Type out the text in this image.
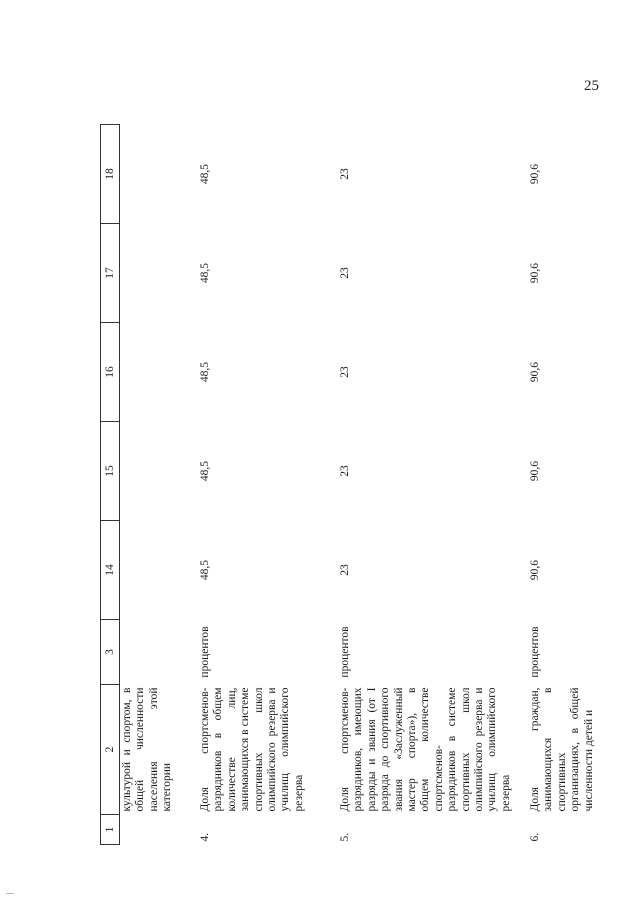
25
1	2	3	14	15	16	17	18
	культурой и спортом, в общей численности населения этой категории						
4.	Доля спортсменов-разрядников в общем количестве лиц, занимающихся в системе спортивных школ олимпийского резерва и училищ олимпийского резерва	процентов	48,5	48,5	48,5	48,5	48,5
5.	Доля спортсменов-разрядников, имеющих разряды и звания (от I разряда до спортивного звания «Заслуженный мастер спорта»), в общем количестве спортсменов-разрядников в системе спортивных школ олимпийского резерва и училищ олимпийского резерва	процентов	23	23	23	23	23
6.	Доля граждан, занимающихся в спортивных организациях, в общей численности детей и	процентов	90,6	90,6	90,6	90,6	90,6
—
